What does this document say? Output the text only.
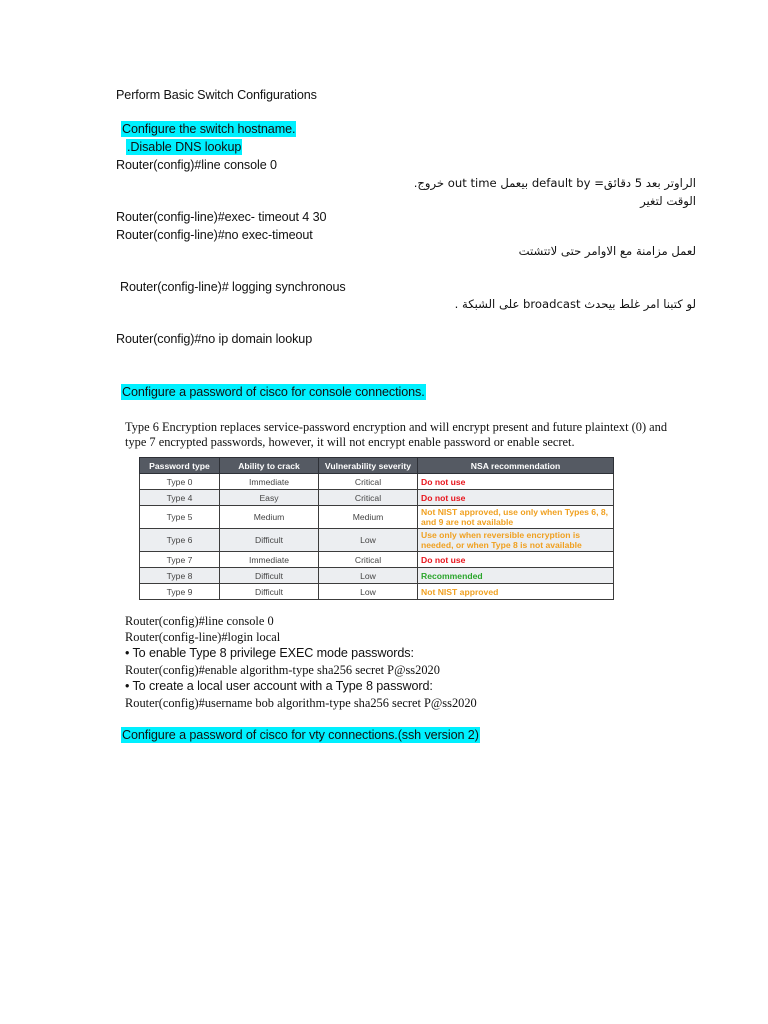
Perform Basic Switch Configurations
Configure the switch hostname.
.Disable DNS lookup
Router(config)#line console 0
الراوتر بعد 5 دقائق= default by بيعمل out time خروج.
الوقت لتغير
Router(config-line)#exec- timeout 4 30
Router(config-line)#no exec-timeout
لعمل مزامنة مع الاوامر حتى لاتتشتت
Router(config-line)# logging synchronous
لو كتبنا امر غلط بيحدث broadcast على الشبكة .
Router(config)#no ip domain lookup
Configure a password of cisco for console connections.
Type 6 Encryption replaces service-password encryption and will encrypt present and future plaintext (0) and
type 7 encrypted passwords, however, it will not encrypt enable password or enable secret.
Password type	Ability to crack	Vulnerability severity	NSA recommendation
Type 0	Immediate	Critical	Do not use
Type 4	Easy	Critical	Do not use
Type 5	Medium	Medium	Not NIST approved, use only when Types 6, 8, and 9 are not available
Type 6	Difficult	Low	Use only when reversible encryption is needed, or when Type 8 is not available
Type 7	Immediate	Critical	Do not use
Type 8	Difficult	Low	Recommended
Type 9	Difficult	Low	Not NIST approved
Router(config)#line console 0
Router(config-line)#login local
• To enable Type 8 privilege EXEC mode passwords:
Router(config)#enable algorithm-type sha256 secret P@ss2020
• To create a local user account with a Type 8 password:
Router(config)#username bob algorithm-type sha256 secret P@ss2020
Configure a password of cisco for vty connections.(ssh version 2)
